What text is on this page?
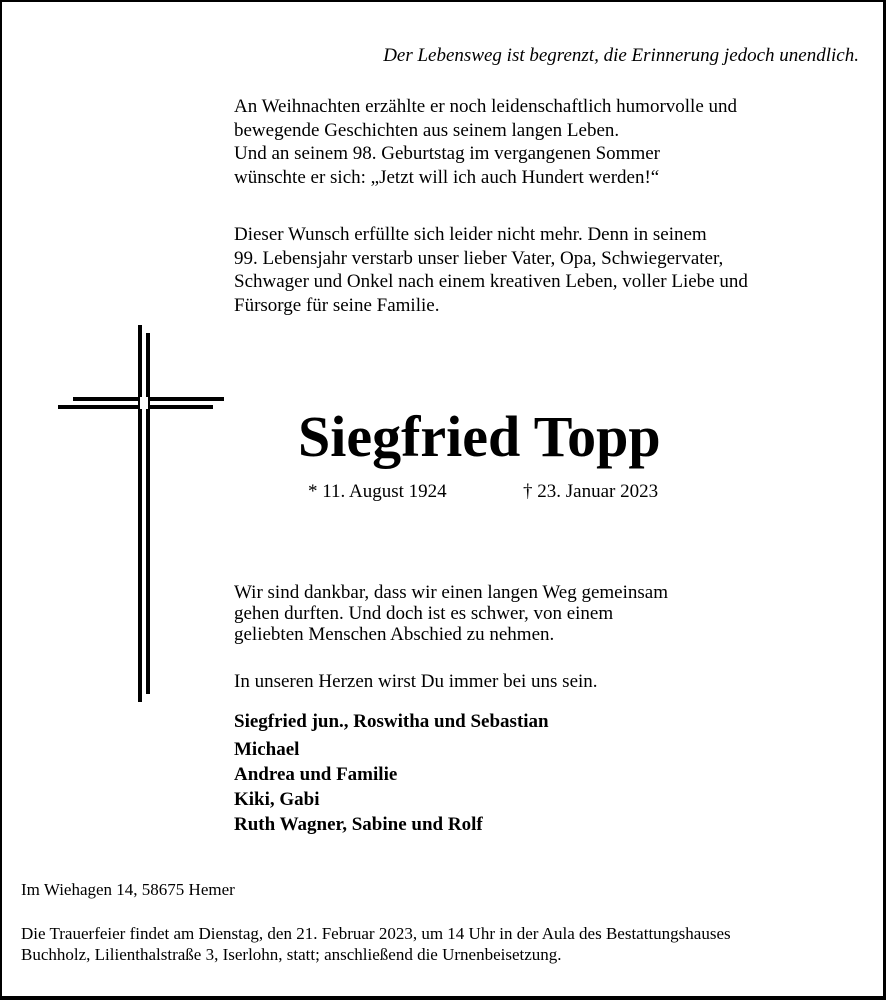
Der Lebensweg ist begrenzt, die Erinnerung jedoch unendlich.
An Weihnachten erzählte er noch leidenschaftlich humorvolle und
bewegende Geschichten aus seinem langen Leben.
Und an seinem 98. Geburtstag im vergangenen Sommer
wünschte er sich: „Jetzt will ich auch Hundert werden!“
Dieser Wunsch erfüllte sich leider nicht mehr. Denn in seinem
99. Lebensjahr verstarb unser lieber Vater, Opa, Schwiegervater,
Schwager und Onkel nach einem kreativen Leben, voller Liebe und
Fürsorge für seine Familie.
Siegfried Topp
* 11. August 1924	† 23. Januar 2023
Wir sind dankbar, dass wir einen langen Weg gemeinsam
gehen durften. Und doch ist es schwer, von einem
geliebten Menschen Abschied zu nehmen.
In unseren Herzen wirst Du immer bei uns sein.
Siegfried jun., Roswitha und Sebastian
Michael
Andrea und Familie
Kiki, Gabi
Ruth Wagner, Sabine und Rolf
Im Wiehagen 14, 58675 Hemer
Die Trauerfeier findet am Dienstag, den 21. Februar 2023, um 14 Uhr in der Aula des Bestattungshauses
Buchholz, Lilienthalstraße 3, Iserlohn, statt; anschließend die Urnenbeisetzung.
